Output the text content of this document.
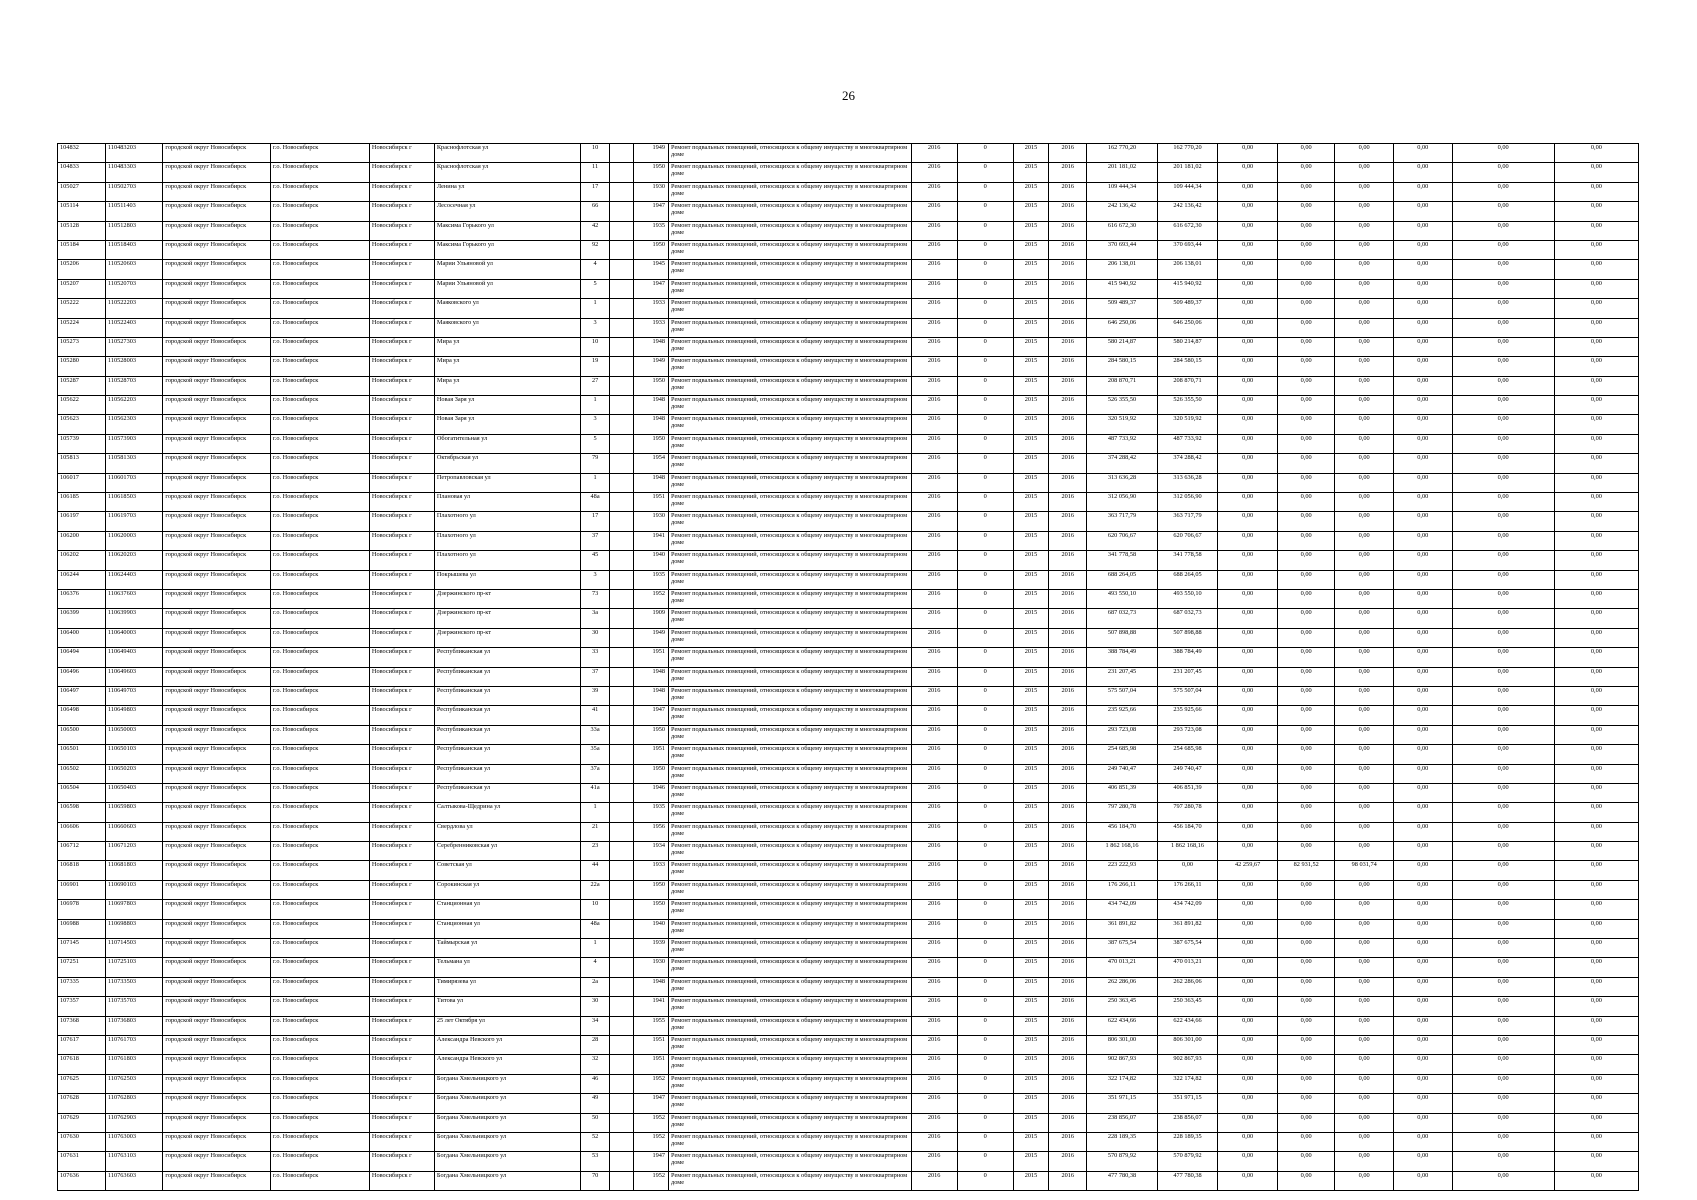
26
104832	110483203	городской округ Новосибирск	г.о. Новосибирск	Новосибирск г	Краснофлотская ул	10		1949	Ремонт подвальных помещений, относящихся к общему имуществу в многоквартирном доме	2016	0	2015	2016	162 770,20	162 770,20	0,00	0,00	0,00	0,00	0,00	0,00
104833	110483303	городской округ Новосибирск	г.о. Новосибирск	Новосибирск г	Краснофлотская ул	11		1950	Ремонт подвальных помещений, относящихся к общему имуществу в многоквартирном доме	2016	0	2015	2016	201 181,02	201 181,02	0,00	0,00	0,00	0,00	0,00	0,00
105027	110502703	городской округ Новосибирск	г.о. Новосибирск	Новосибирск г	Ленина ул	17		1930	Ремонт подвальных помещений, относящихся к общему имуществу в многоквартирном доме	2016	0	2015	2016	109 444,34	109 444,34	0,00	0,00	0,00	0,00	0,00	0,00
105114	110511403	городской округ Новосибирск	г.о. Новосибирск	Новосибирск г	Лесосечная ул	66		1947	Ремонт подвальных помещений, относящихся к общему имуществу в многоквартирном доме	2016	0	2015	2016	242 136,42	242 136,42	0,00	0,00	0,00	0,00	0,00	0,00
105128	110512803	городской округ Новосибирск	г.о. Новосибирск	Новосибирск г	Максима Горького ул	42		1935	Ремонт подвальных помещений, относящихся к общему имуществу в многоквартирном доме	2016	0	2015	2016	616 672,30	616 672,30	0,00	0,00	0,00	0,00	0,00	0,00
105184	110518403	городской округ Новосибирск	г.о. Новосибирск	Новосибирск г	Максима Горького ул	92		1950	Ремонт подвальных помещений, относящихся к общему имуществу в многоквартирном доме	2016	0	2015	2016	370 693,44	370 693,44	0,00	0,00	0,00	0,00	0,00	0,00
105206	110520603	городской округ Новосибирск	г.о. Новосибирск	Новосибирск г	Марии Ульяновой ул	4		1945	Ремонт подвальных помещений, относящихся к общему имуществу в многоквартирном доме	2016	0	2015	2016	206 138,01	206 138,01	0,00	0,00	0,00	0,00	0,00	0,00
105207	110520703	городской округ Новосибирск	г.о. Новосибирск	Новосибирск г	Марии Ульяновой ул	5		1947	Ремонт подвальных помещений, относящихся к общему имуществу в многоквартирном доме	2016	0	2015	2016	415 940,92	415 940,92	0,00	0,00	0,00	0,00	0,00	0,00
105222	110522203	городской округ Новосибирск	г.о. Новосибирск	Новосибирск г	Маяковского ул	1		1933	Ремонт подвальных помещений, относящихся к общему имуществу в многоквартирном доме	2016	0	2015	2016	509 489,37	509 489,37	0,00	0,00	0,00	0,00	0,00	0,00
105224	110522403	городской округ Новосибирск	г.о. Новосибирск	Новосибирск г	Маяковского ул	3		1933	Ремонт подвальных помещений, относящихся к общему имуществу в многоквартирном доме	2016	0	2015	2016	646 250,06	646 250,06	0,00	0,00	0,00	0,00	0,00	0,00
105273	110527303	городской округ Новосибирск	г.о. Новосибирск	Новосибирск г	Мира ул	10		1948	Ремонт подвальных помещений, относящихся к общему имуществу в многоквартирном доме	2016	0	2015	2016	580 214,87	580 214,87	0,00	0,00	0,00	0,00	0,00	0,00
105280	110528003	городской округ Новосибирск	г.о. Новосибирск	Новосибирск г	Мира ул	19		1949	Ремонт подвальных помещений, относящихся к общему имуществу в многоквартирном доме	2016	0	2015	2016	284 580,15	284 580,15	0,00	0,00	0,00	0,00	0,00	0,00
105287	110528703	городской округ Новосибирск	г.о. Новосибирск	Новосибирск г	Мира ул	27		1950	Ремонт подвальных помещений, относящихся к общему имуществу в многоквартирном доме	2016	0	2015	2016	208 870,71	208 870,71	0,00	0,00	0,00	0,00	0,00	0,00
105622	110562203	городской округ Новосибирск	г.о. Новосибирск	Новосибирск г	Новая Заря ул	1		1948	Ремонт подвальных помещений, относящихся к общему имуществу в многоквартирном доме	2016	0	2015	2016	526 355,50	526 355,50	0,00	0,00	0,00	0,00	0,00	0,00
105623	110562303	городской округ Новосибирск	г.о. Новосибирск	Новосибирск г	Новая Заря ул	3		1948	Ремонт подвальных помещений, относящихся к общему имуществу в многоквартирном доме	2016	0	2015	2016	320 519,92	320 519,92	0,00	0,00	0,00	0,00	0,00	0,00
105739	110573903	городской округ Новосибирск	г.о. Новосибирск	Новосибирск г	Обогатительная ул	5		1950	Ремонт подвальных помещений, относящихся к общему имуществу в многоквартирном доме	2016	0	2015	2016	487 733,92	487 733,92	0,00	0,00	0,00	0,00	0,00	0,00
105813	110581303	городской округ Новосибирск	г.о. Новосибирск	Новосибирск г	Октябрьская ул	79		1954	Ремонт подвальных помещений, относящихся к общему имуществу в многоквартирном доме	2016	0	2015	2016	374 288,42	374 288,42	0,00	0,00	0,00	0,00	0,00	0,00
106017	110601703	городской округ Новосибирск	г.о. Новосибирск	Новосибирск г	Петропавловская ул	1		1948	Ремонт подвальных помещений, относящихся к общему имуществу в многоквартирном доме	2016	0	2015	2016	313 636,28	313 636,28	0,00	0,00	0,00	0,00	0,00	0,00
106185	110618503	городской округ Новосибирск	г.о. Новосибирск	Новосибирск г	Плановая ул	48а		1951	Ремонт подвальных помещений, относящихся к общему имуществу в многоквартирном доме	2016	0	2015	2016	312 056,90	312 056,90	0,00	0,00	0,00	0,00	0,00	0,00
106197	110619703	городской округ Новосибирск	г.о. Новосибирск	Новосибирск г	Плахотного ул	17		1930	Ремонт подвальных помещений, относящихся к общему имуществу в многоквартирном доме	2016	0	2015	2016	363 717,79	363 717,79	0,00	0,00	0,00	0,00	0,00	0,00
106200	110620003	городской округ Новосибирск	г.о. Новосибирск	Новосибирск г	Плахотного ул	37		1941	Ремонт подвальных помещений, относящихся к общему имуществу в многоквартирном доме	2016	0	2015	2016	620 706,67	620 706,67	0,00	0,00	0,00	0,00	0,00	0,00
106202	110620203	городской округ Новосибирск	г.о. Новосибирск	Новосибирск г	Плахотного ул	45		1940	Ремонт подвальных помещений, относящихся к общему имуществу в многоквартирном доме	2016	0	2015	2016	341 778,58	341 778,58	0,00	0,00	0,00	0,00	0,00	0,00
106244	110624403	городской округ Новосибирск	г.о. Новосибирск	Новосибирск г	Покрышева ул	3		1935	Ремонт подвальных помещений, относящихся к общему имуществу в многоквартирном доме	2016	0	2015	2016	688 264,05	688 264,05	0,00	0,00	0,00	0,00	0,00	0,00
106376	110637603	городской округ Новосибирск	г.о. Новосибирск	Новосибирск г	Дзержинского пр-кт	73		1952	Ремонт подвальных помещений, относящихся к общему имуществу в многоквартирном доме	2016	0	2015	2016	493 550,10	493 550,10	0,00	0,00	0,00	0,00	0,00	0,00
106399	110639903	городской округ Новосибирск	г.о. Новосибирск	Новосибирск г	Дзержинского пр-кт	3а		1909	Ремонт подвальных помещений, относящихся к общему имуществу в многоквартирном доме	2016	0	2015	2016	687 032,73	687 032,73	0,00	0,00	0,00	0,00	0,00	0,00
106400	110640003	городской округ Новосибирск	г.о. Новосибирск	Новосибирск г	Дзержинского пр-кт	30		1949	Ремонт подвальных помещений, относящихся к общему имуществу в многоквартирном доме	2016	0	2015	2016	507 898,88	507 898,88	0,00	0,00	0,00	0,00	0,00	0,00
106494	110649403	городской округ Новосибирск	г.о. Новосибирск	Новосибирск г	Республиканская ул	33		1951	Ремонт подвальных помещений, относящихся к общему имуществу в многоквартирном доме	2016	0	2015	2016	388 784,49	388 784,49	0,00	0,00	0,00	0,00	0,00	0,00
106496	110649603	городской округ Новосибирск	г.о. Новосибирск	Новосибирск г	Республиканская ул	37		1948	Ремонт подвальных помещений, относящихся к общему имуществу в многоквартирном доме	2016	0	2015	2016	231 207,45	231 207,45	0,00	0,00	0,00	0,00	0,00	0,00
106497	110649703	городской округ Новосибирск	г.о. Новосибирск	Новосибирск г	Республиканская ул	39		1948	Ремонт подвальных помещений, относящихся к общему имуществу в многоквартирном доме	2016	0	2015	2016	575 507,04	575 507,04	0,00	0,00	0,00	0,00	0,00	0,00
106498	110649803	городской округ Новосибирск	г.о. Новосибирск	Новосибирск г	Республиканская ул	41		1947	Ремонт подвальных помещений, относящихся к общему имуществу в многоквартирном доме	2016	0	2015	2016	235 925,66	235 925,66	0,00	0,00	0,00	0,00	0,00	0,00
106500	110650003	городской округ Новосибирск	г.о. Новосибирск	Новосибирск г	Республиканская ул	33а		1950	Ремонт подвальных помещений, относящихся к общему имуществу в многоквартирном доме	2016	0	2015	2016	293 723,08	293 723,08	0,00	0,00	0,00	0,00	0,00	0,00
106501	110650103	городской округ Новосибирск	г.о. Новосибирск	Новосибирск г	Республиканская ул	35а		1951	Ремонт подвальных помещений, относящихся к общему имуществу в многоквартирном доме	2016	0	2015	2016	254 685,98	254 685,98	0,00	0,00	0,00	0,00	0,00	0,00
106502	110650203	городской округ Новосибирск	г.о. Новосибирск	Новосибирск г	Республиканская ул	37а		1950	Ремонт подвальных помещений, относящихся к общему имуществу в многоквартирном доме	2016	0	2015	2016	249 740,47	249 740,47	0,00	0,00	0,00	0,00	0,00	0,00
106504	110650403	городской округ Новосибирск	г.о. Новосибирск	Новосибирск г	Республиканская ул	41а		1946	Ремонт подвальных помещений, относящихся к общему имуществу в многоквартирном доме	2016	0	2015	2016	406 851,39	406 851,39	0,00	0,00	0,00	0,00	0,00	0,00
106598	110659803	городской округ Новосибирск	г.о. Новосибирск	Новосибирск г	Салтыкова-Щедрина ул	1		1935	Ремонт подвальных помещений, относящихся к общему имуществу в многоквартирном доме	2016	0	2015	2016	797 280,78	797 280,78	0,00	0,00	0,00	0,00	0,00	0,00
106606	110660603	городской округ Новосибирск	г.о. Новосибирск	Новосибирск г	Свердлова ул	21		1956	Ремонт подвальных помещений, относящихся к общему имуществу в многоквартирном доме	2016	0	2015	2016	456 184,70	456 184,70	0,00	0,00	0,00	0,00	0,00	0,00
106712	110671203	городской округ Новосибирск	г.о. Новосибирск	Новосибирск г	Серебренниковская ул	23		1934	Ремонт подвальных помещений, относящихся к общему имуществу в многоквартирном доме	2016	0	2015	2016	1 862 168,16	1 862 168,16	0,00	0,00	0,00	0,00	0,00	0,00
106818	110681803	городской округ Новосибирск	г.о. Новосибирск	Новосибирск г	Советская ул	44		1933	Ремонт подвальных помещений, относящихся к общему имуществу в многоквартирном доме	2016	0	2015	2016	223 222,93	0,00	42 259,67	82 931,52	98 031,74	0,00	0,00	0,00
106901	110690103	городской округ Новосибирск	г.о. Новосибирск	Новосибирск г	Сорокинская ул	22а		1950	Ремонт подвальных помещений, относящихся к общему имуществу в многоквартирном доме	2016	0	2015	2016	176 266,11	176 266,11	0,00	0,00	0,00	0,00	0,00	0,00
106978	110697803	городской округ Новосибирск	г.о. Новосибирск	Новосибирск г	Станционная ул	10		1950	Ремонт подвальных помещений, относящихся к общему имуществу в многоквартирном доме	2016	0	2015	2016	434 742,09	434 742,09	0,00	0,00	0,00	0,00	0,00	0,00
106988	110698803	городской округ Новосибирск	г.о. Новосибирск	Новосибирск г	Станционная ул	48а		1940	Ремонт подвальных помещений, относящихся к общему имуществу в многоквартирном доме	2016	0	2015	2016	361 891,82	361 891,82	0,00	0,00	0,00	0,00	0,00	0,00
107145	110714503	городской округ Новосибирск	г.о. Новосибирск	Новосибирск г	Таймырская ул	1		1939	Ремонт подвальных помещений, относящихся к общему имуществу в многоквартирном доме	2016	0	2015	2016	387 675,54	387 675,54	0,00	0,00	0,00	0,00	0,00	0,00
107251	110725103	городской округ Новосибирск	г.о. Новосибирск	Новосибирск г	Тельмана ул	4		1930	Ремонт подвальных помещений, относящихся к общему имуществу в многоквартирном доме	2016	0	2015	2016	470 013,21	470 013,21	0,00	0,00	0,00	0,00	0,00	0,00
107335	110733503	городской округ Новосибирск	г.о. Новосибирск	Новосибирск г	Тимирязева ул	2а		1948	Ремонт подвальных помещений, относящихся к общему имуществу в многоквартирном доме	2016	0	2015	2016	262 286,06	262 286,06	0,00	0,00	0,00	0,00	0,00	0,00
107357	110735703	городской округ Новосибирск	г.о. Новосибирск	Новосибирск г	Титова ул	30		1941	Ремонт подвальных помещений, относящихся к общему имуществу в многоквартирном доме	2016	0	2015	2016	250 363,45	250 363,45	0,00	0,00	0,00	0,00	0,00	0,00
107368	110736803	городской округ Новосибирск	г.о. Новосибирск	Новосибирск г	25 лет Октября ул	34		1955	Ремонт подвальных помещений, относящихся к общему имуществу в многоквартирном доме	2016	0	2015	2016	622 434,66	622 434,66	0,00	0,00	0,00	0,00	0,00	0,00
107617	110761703	городской округ Новосибирск	г.о. Новосибирск	Новосибирск г	Александра Невского ул	28		1951	Ремонт подвальных помещений, относящихся к общему имуществу в многоквартирном доме	2016	0	2015	2016	806 301,00	806 301,00	0,00	0,00	0,00	0,00	0,00	0,00
107618	110761803	городской округ Новосибирск	г.о. Новосибирск	Новосибирск г	Александра Невского ул	32		1951	Ремонт подвальных помещений, относящихся к общему имуществу в многоквартирном доме	2016	0	2015	2016	902 867,93	902 867,93	0,00	0,00	0,00	0,00	0,00	0,00
107625	110762503	городской округ Новосибирск	г.о. Новосибирск	Новосибирск г	Богдана Хмельницкого ул	46		1952	Ремонт подвальных помещений, относящихся к общему имуществу в многоквартирном доме	2016	0	2015	2016	322 174,82	322 174,82	0,00	0,00	0,00	0,00	0,00	0,00
107628	110762803	городской округ Новосибирск	г.о. Новосибирск	Новосибирск г	Богдана Хмельницкого ул	49		1947	Ремонт подвальных помещений, относящихся к общему имуществу в многоквартирном доме	2016	0	2015	2016	351 971,15	351 971,15	0,00	0,00	0,00	0,00	0,00	0,00
107629	110762903	городской округ Новосибирск	г.о. Новосибирск	Новосибирск г	Богдана Хмельницкого ул	50		1952	Ремонт подвальных помещений, относящихся к общему имуществу в многоквартирном доме	2016	0	2015	2016	238 856,07	238 856,07	0,00	0,00	0,00	0,00	0,00	0,00
107630	110763003	городской округ Новосибирск	г.о. Новосибирск	Новосибирск г	Богдана Хмельницкого ул	52		1952	Ремонт подвальных помещений, относящихся к общему имуществу в многоквартирном доме	2016	0	2015	2016	228 189,35	228 189,35	0,00	0,00	0,00	0,00	0,00	0,00
107631	110763103	городской округ Новосибирск	г.о. Новосибирск	Новосибирск г	Богдана Хмельницкого ул	53		1947	Ремонт подвальных помещений, относящихся к общему имуществу в многоквартирном доме	2016	0	2015	2016	570 879,92	570 879,92	0,00	0,00	0,00	0,00	0,00	0,00
107636	110763603	городской округ Новосибирск	г.о. Новосибирск	Новосибирск г	Богдана Хмельницкого ул	70		1952	Ремонт подвальных помещений, относящихся к общему имуществу в многоквартирном доме	2016	0	2015	2016	477 780,38	477 780,38	0,00	0,00	0,00	0,00	0,00	0,00
